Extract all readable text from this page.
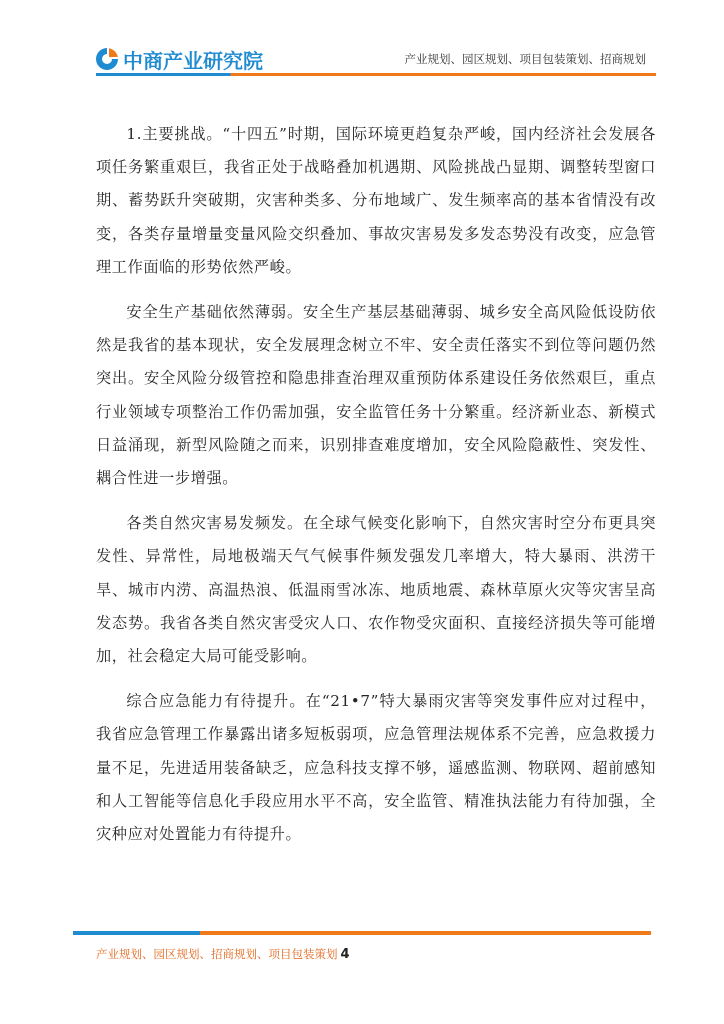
中商产业研究院	产业规划、园区规划、项目包装策划、招商规划

1.主要挑战。“十四五”时期，国际环境更趋复杂严峻，国内经济社会发展各项任务繁重艰巨，我省正处于战略叠加机遇期、风险挑战凸显期、调整转型窗口期、蓄势跃升突破期，灾害种类多、分布地域广、发生频率高的基本省情没有改变，各类存量增量变量风险交织叠加、事故灾害易发多发态势没有改变，应急管理工作面临的形势依然严峻。

安全生产基础依然薄弱。安全生产基层基础薄弱、城乡安全高风险低设防依然是我省的基本现状，安全发展理念树立不牢、安全责任落实不到位等问题仍然突出。安全风险分级管控和隐患排查治理双重预防体系建设任务依然艰巨，重点行业领域专项整治工作仍需加强，安全监管任务十分繁重。经济新业态、新模式日益涌现，新型风险随之而来，识别排查难度增加，安全风险隐蔽性、突发性、耦合性进一步增强。

各类自然灾害易发频发。在全球气候变化影响下，自然灾害时空分布更具突发性、异常性，局地极端天气气候事件频发强发几率增大，特大暴雨、洪涝干旱、城市内涝、高温热浪、低温雨雪冰冻、地质地震、森林草原火灾等灾害呈高发态势。我省各类自然灾害受灾人口、农作物受灾面积、直接经济损失等可能增加，社会稳定大局可能受影响。

综合应急能力有待提升。在“21•7”特大暴雨灾害等突发事件应对过程中，我省应急管理工作暴露出诸多短板弱项，应急管理法规体系不完善，应急救援力量不足，先进适用装备缺乏，应急科技支撑不够，遥感监测、物联网、超前感知和人工智能等信息化手段应用水平不高，安全监管、精准执法能力有待加强，全灾种应对处置能力有待提升。

产业规划、园区规划、招商规划、项目包装策划 4
